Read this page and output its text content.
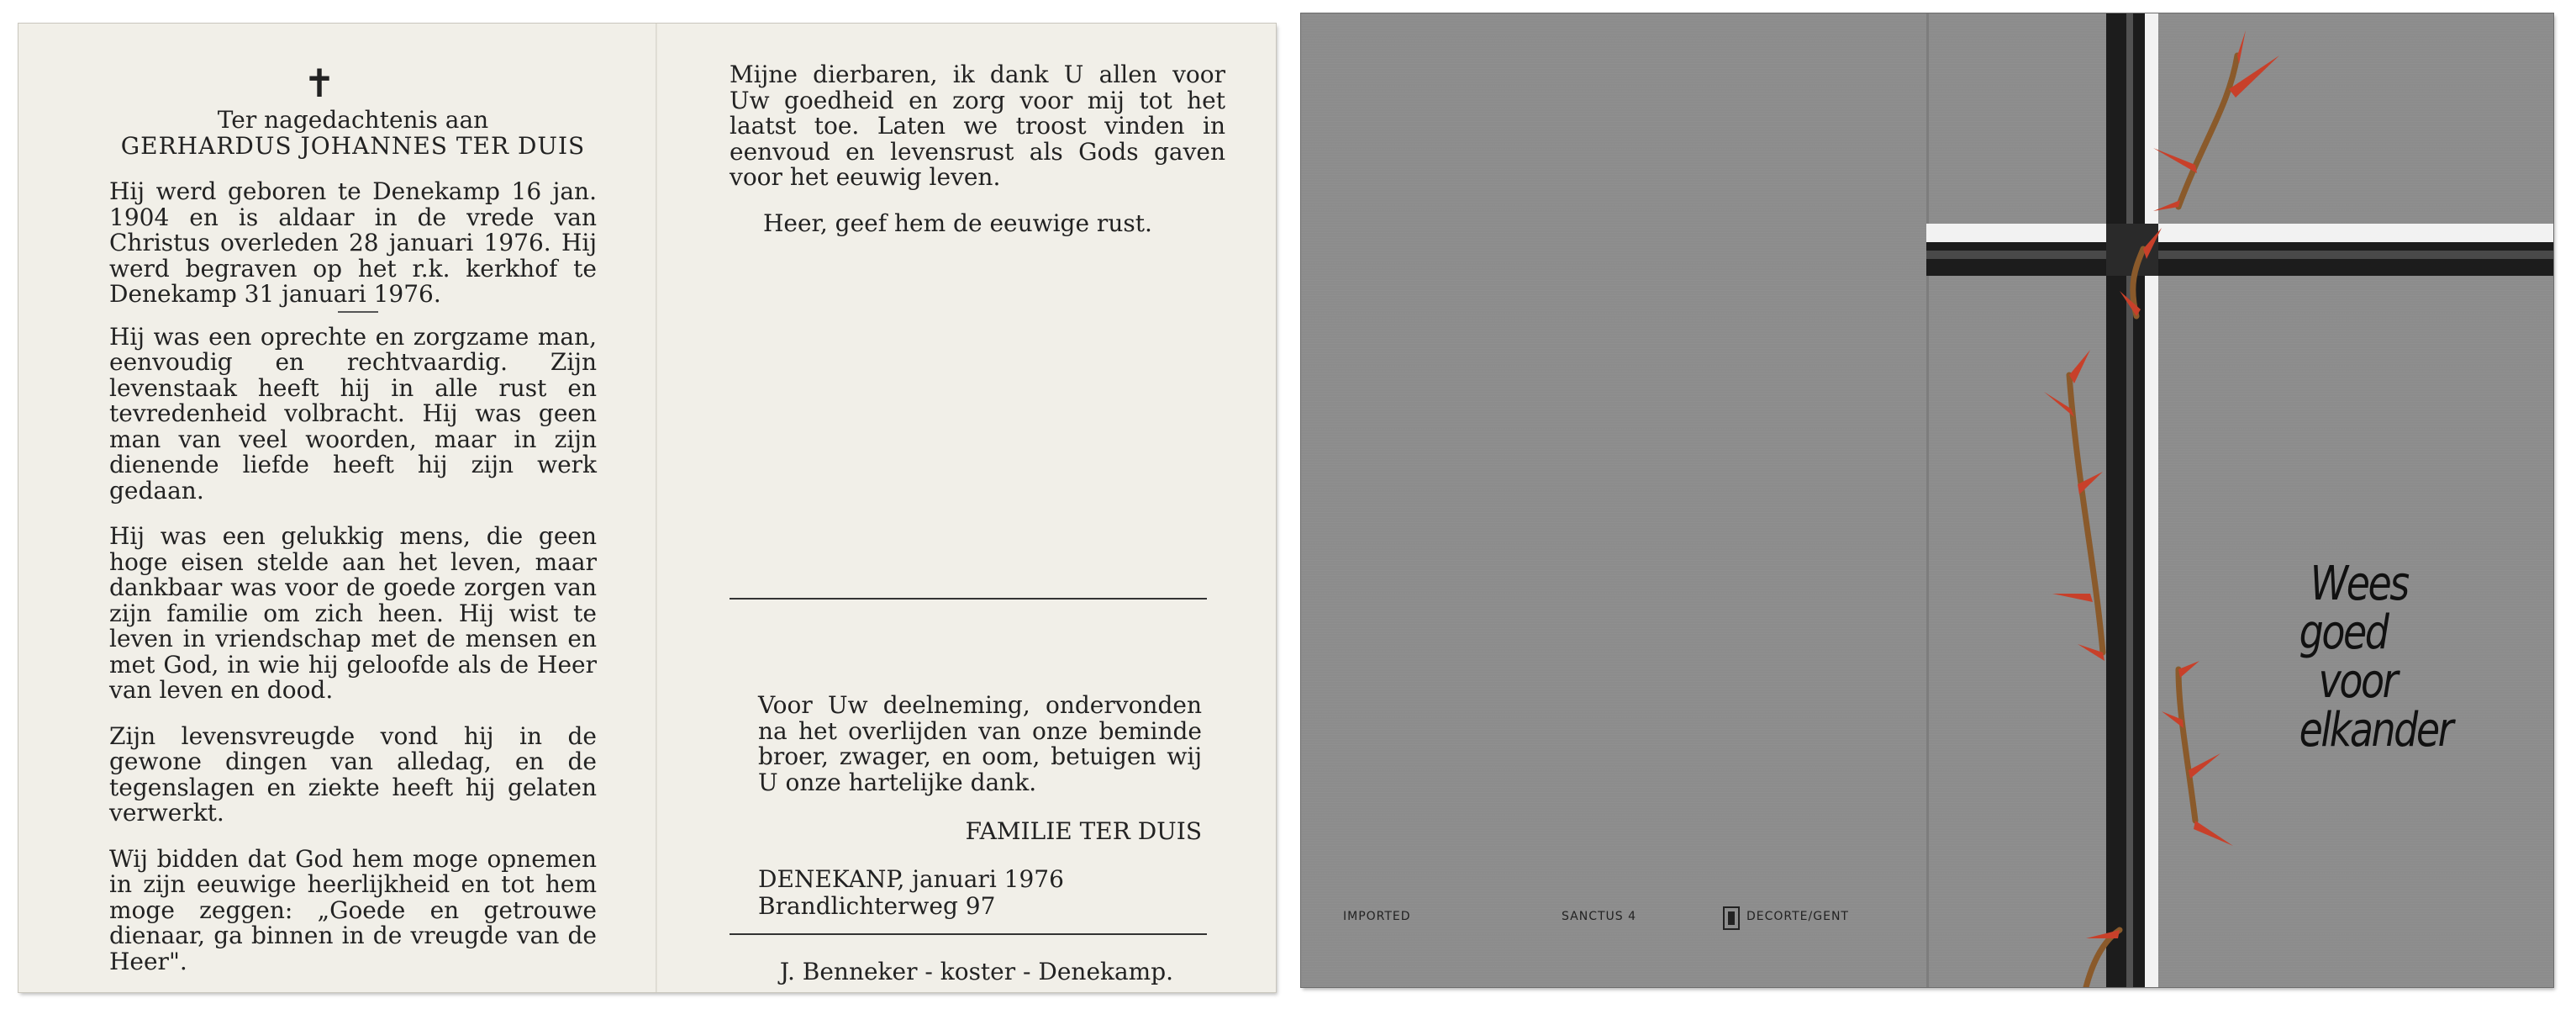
✝

Ter nagedachtenis aan

GERHARDUS JOHANNES TER DUIS

Hij werd geboren te Denekamp 16 jan. 1904 en is aldaar in de vrede van Christus overleden 28 januari 1976. Hij werd begraven op het r.k. kerkhof te Denekamp 31 januari 1976.

Hij was een oprechte en zorgzame man, eenvoudig en rechtvaardig. Zijn levenstaak heeft hij in alle rust en tevredenheid volbracht. Hij was geen man van veel woorden, maar in zijn dienende liefde heeft hij zijn werk gedaan.

Hij was een gelukkig mens, die geen hoge eisen stelde aan het leven, maar dankbaar was voor de goede zorgen van zijn familie om zich heen. Hij wist te leven in vriendschap met de mensen en met God, in wie hij geloofde als de Heer van leven en dood.

Zijn levensvreugde vond hij in de gewone dingen van alledag, en de tegenslagen en ziekte heeft hij gelaten verwerkt.

Wij bidden dat God hem moge opnemen in zijn eeuwige heerlijkheid en tot hem moge zeggen: „Goede en getrouwe dienaar, ga binnen in de vreugde van de Heer".

Mijne dierbaren, ik dank U allen voor Uw goedheid en zorg voor mij tot het laatst toe. Laten we troost vinden in eenvoud en levensrust als Gods gaven voor het eeuwig leven.

Heer, geef hem de eeuwige rust.

Voor Uw deelneming, ondervonden na het overlijden van onze beminde broer, zwager, en oom, betuigen wij U onze hartelijke dank.

FAMILIE TER DUIS

DENEKANP, januari 1976
Brandlichterweg 97
J. Benneker - koster - Denekamp.
IMPORTED	SANCTUS 4	DECORTE/GENT
Wees
goed
voor
elkander
